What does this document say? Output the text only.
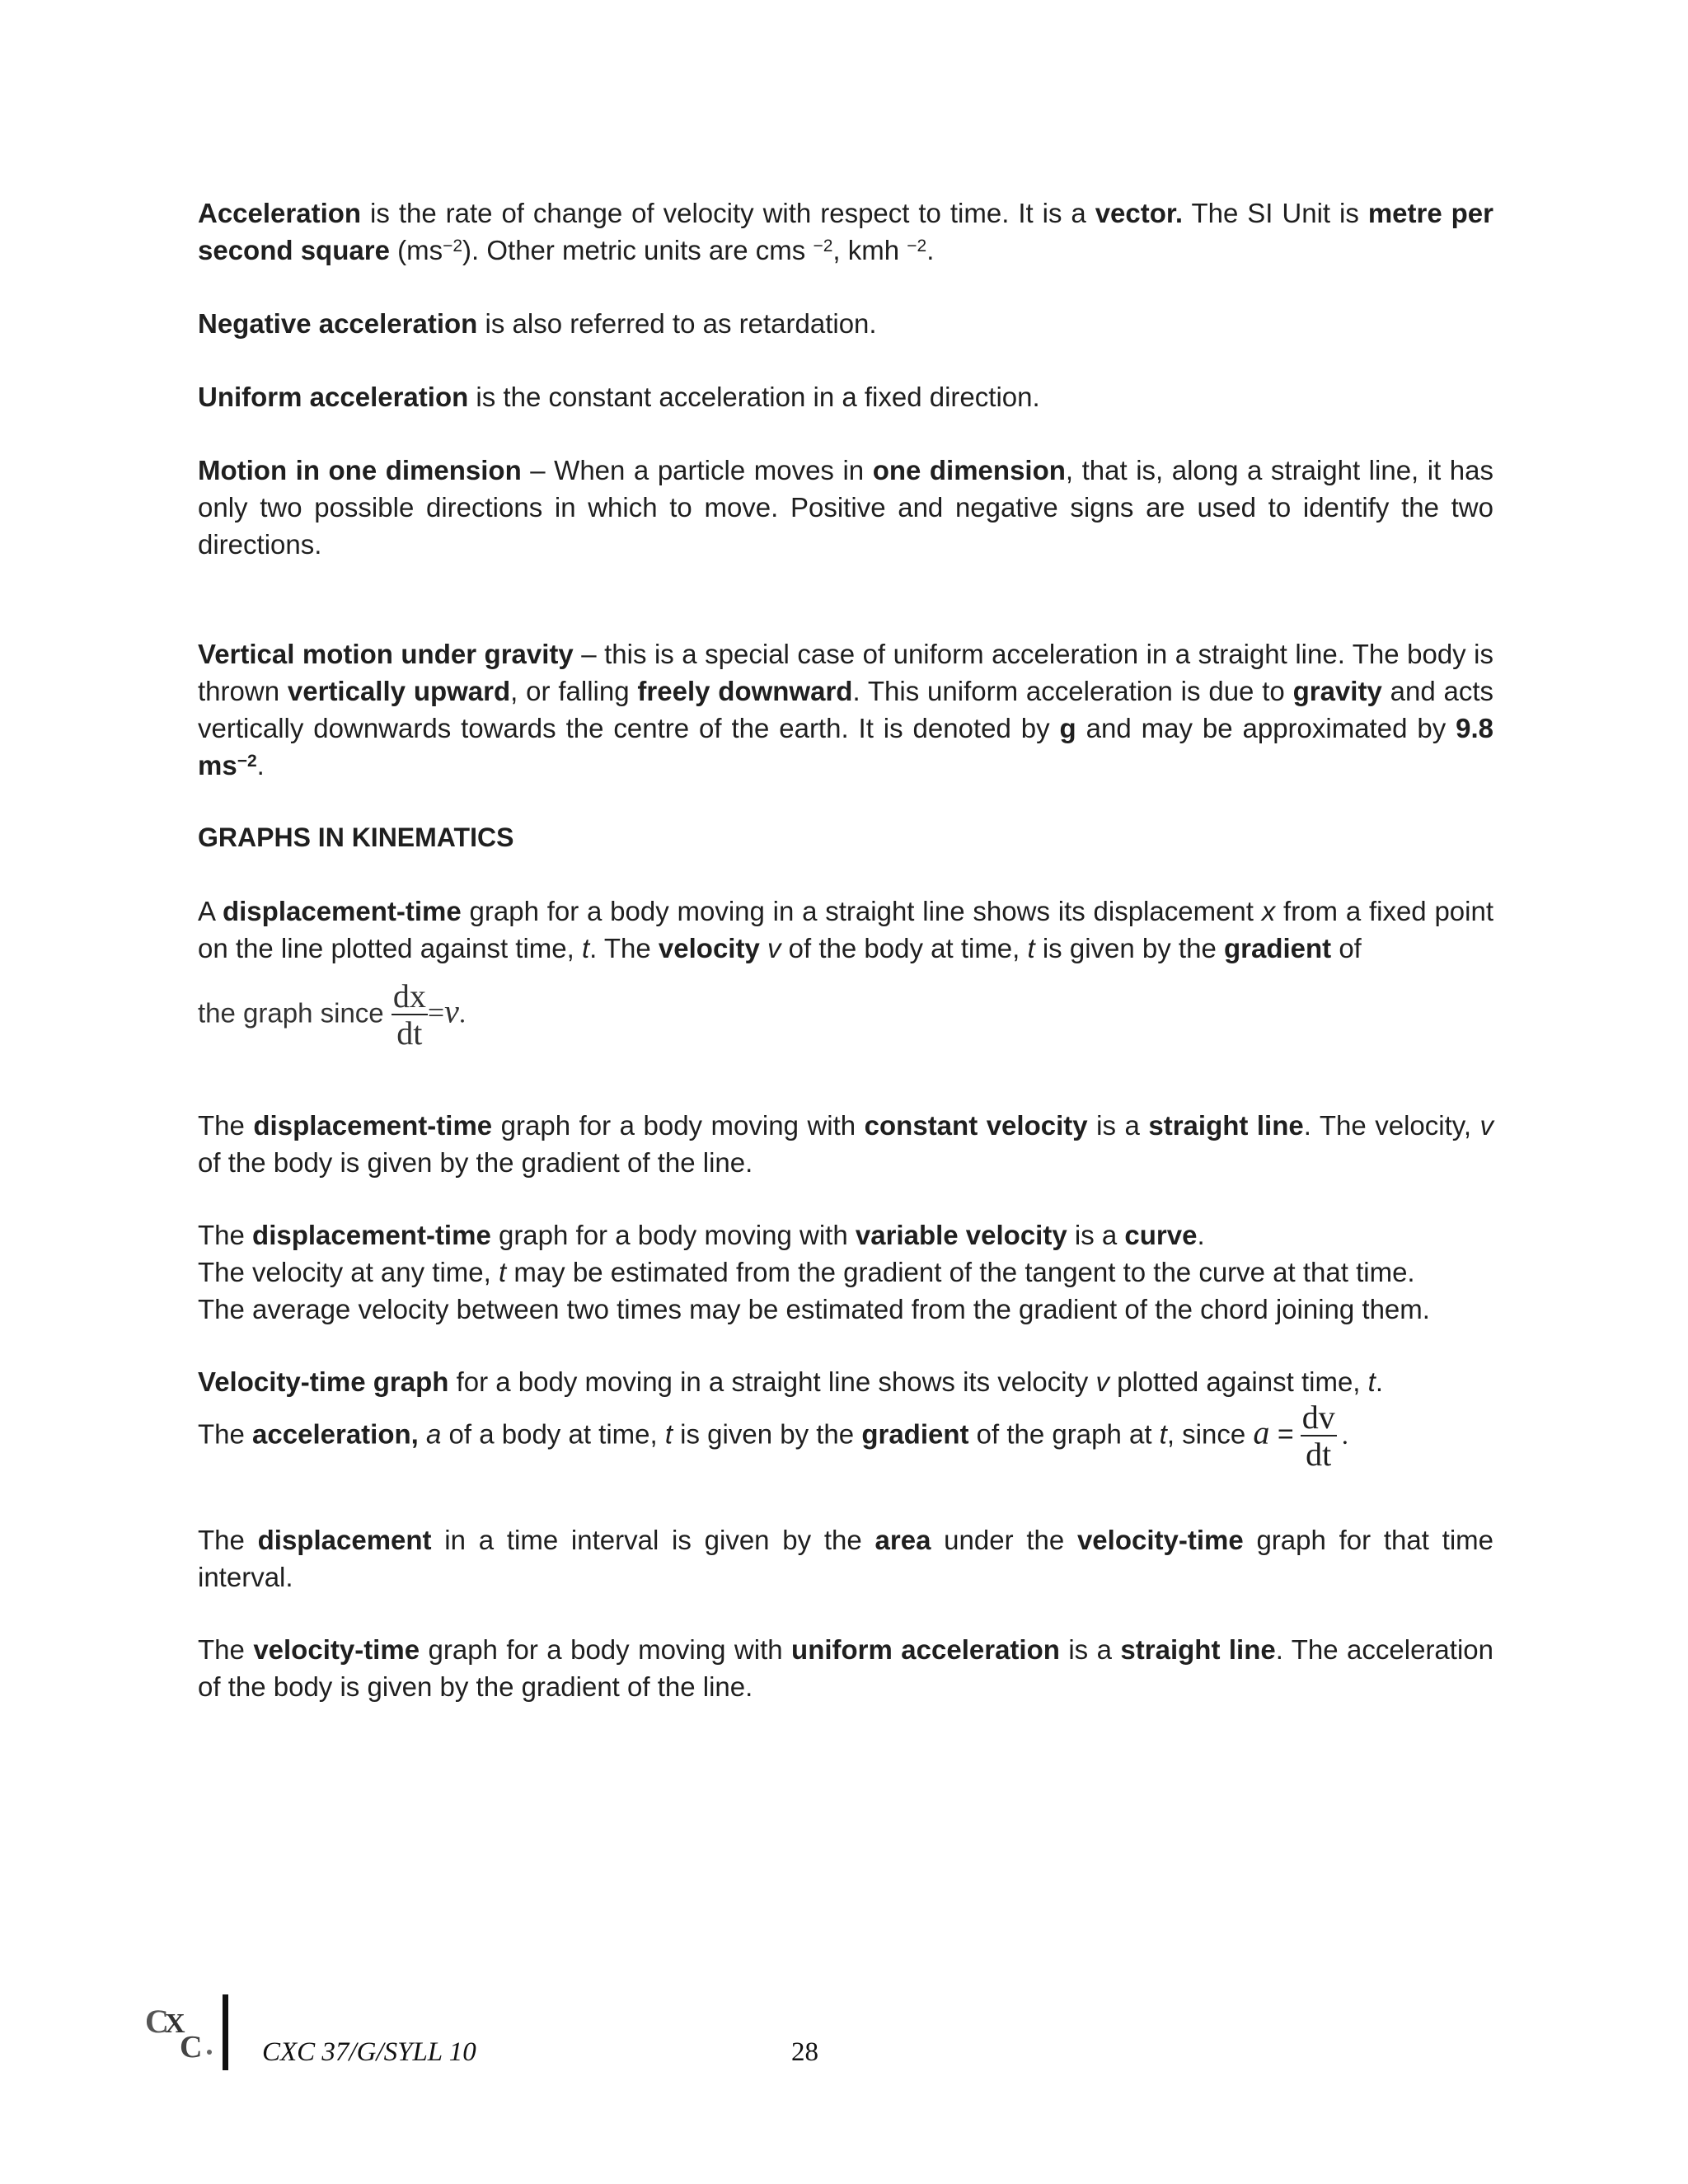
Acceleration is the rate of change of velocity with respect to time. It is a vector. The SI Unit is metre per second square $(ms^{-2})$. Other metric units are cms $^{-2}$, kmh $^{-2}$.

Negative acceleration is also referred to as retardation.

Uniform acceleration is the constant acceleration in a fixed direction.

Motion in one dimension – When a particle moves in one dimension, that is, along a straight line, it has only two possible directions in which to move. Positive and negative signs are used to identify the two directions.

Vertical motion under gravity – this is a special case of uniform acceleration in a straight line. The body is thrown vertically upward, or falling freely downward. This uniform acceleration is due to gravity and acts vertically downwards towards the centre of the earth. It is denoted by g and may be approximated by 9.8 $ms^{-2}$.

GRAPHS IN KINEMATICS

A displacement-time graph for a body moving in a straight line shows its displacement x from a fixed point on the line plotted against time, t. The velocity v of the body at time, t is given by the gradient of

the graph since $\frac{dx}{dt} =v$.

The displacement-time graph for a body moving with constant velocity is a straight line. The velocity, v of the body is given by the gradient of the line.

The displacement-time graph for a body moving with variable velocity is a curve.

The velocity at any time, t may be estimated from the gradient of the tangent to the curve at that time.

The average velocity between two times may be estimated from the gradient of the chord joining them.

Velocity-time graph for a body moving in a straight line shows its velocity v plotted against time, t.

The acceleration, a of a body at time, t is given by the gradient of the graph at t, since $a = \frac{dv}{dt}$ .

The displacement in a time interval is given by the area under the velocity-time graph for that time interval.

The velocity-time graph for a body moving with uniform acceleration is a straight line. The acceleration of the body is given by the gradient of the line.

C
X
C CXC 37/G/SYLL 10	28
